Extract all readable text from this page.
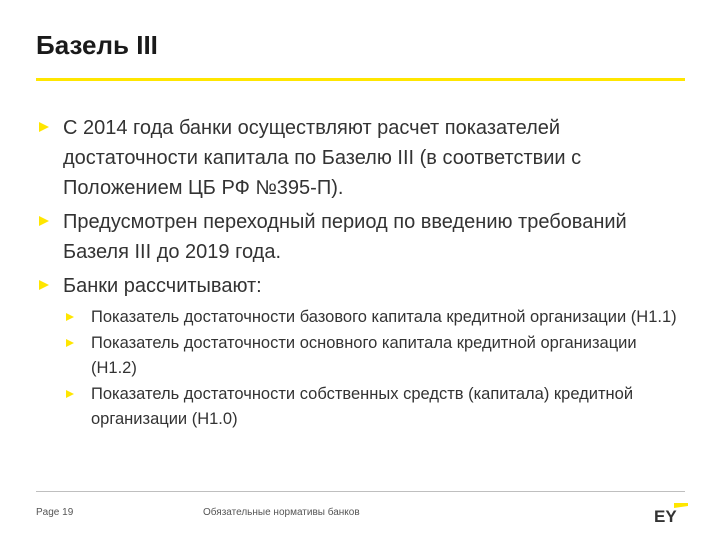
Базель III
С 2014 года банки осуществляют расчет показателей достаточности капитала по Базелю III (в соответствии с Положением ЦБ РФ №395-П).
Предусмотрен переходный период по введению требований Базеля III до 2019 года.
Банки рассчитывают:
Показатель достаточности базового капитала кредитной организации (Н1.1)
Показатель достаточности основного капитала кредитной организации (Н1.2)
Показатель достаточности собственных средств (капитала) кредитной организации (Н1.0)
Page 19	Обязательные нормативы банков	EY
